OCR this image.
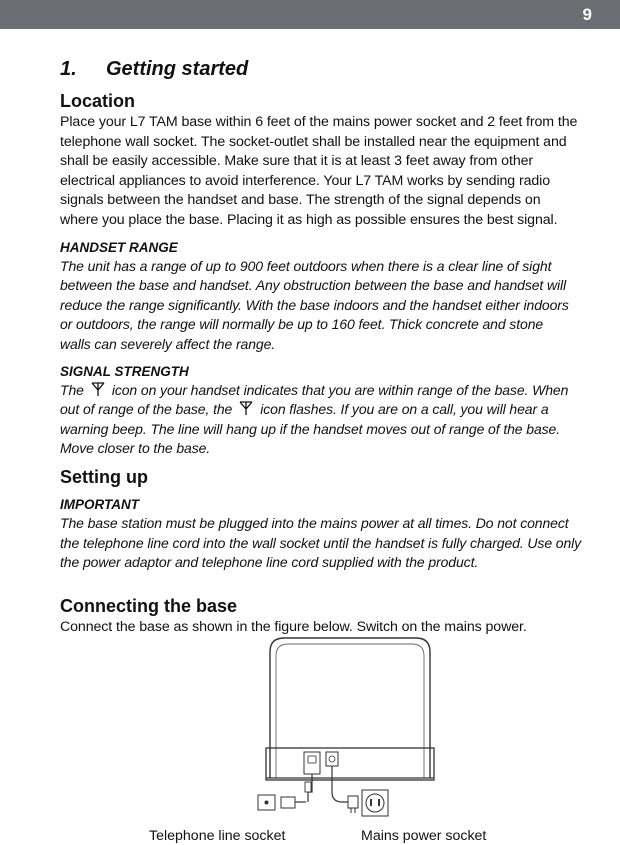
9
1. Getting started
Location

Place your L7 TAM base within 6 feet of the mains power socket and 2 feet from the
telephone wall socket. The socket-outlet shall be installed near the equipment and
shall be easily accessible. Make sure that it is at least 3 feet away from other
electrical appliances to avoid interference. Your L7 TAM works by sending radio
signals between the handset and base. The strength of the signal depends on
where you place the base. Placing it as high as possible ensures the best signal.

HANDSET RANGE

The unit has a range of up to 900 feet outdoors when there is a clear line of sight
between the base and handset. Any obstruction between the base and handset will
reduce the range significantly. With the base indoors and the handset either indoors
or outdoors, the range will normally be up to 160 feet. Thick concrete and stone
walls can severely affect the range.

SIGNAL STRENGTH

The icon on your handset indicates that you are within range of the base. When
out of range of the base, the icon flashes. If you are on a call, you will hear a
warning beep. The line will hang up if the handset moves out of range of the base.
Move closer to the base.

Setting up
IMPORTANT

The base station must be plugged into the mains power at all times. Do not connect
the telephone line cord into the wall socket until the handset is fully charged. Use only
the power adaptor and telephone line cord supplied with the product.

Connecting the base

Connect the base as shown in the figure below. Switch on the mains power.

Telephone line socket	Mains power socket
